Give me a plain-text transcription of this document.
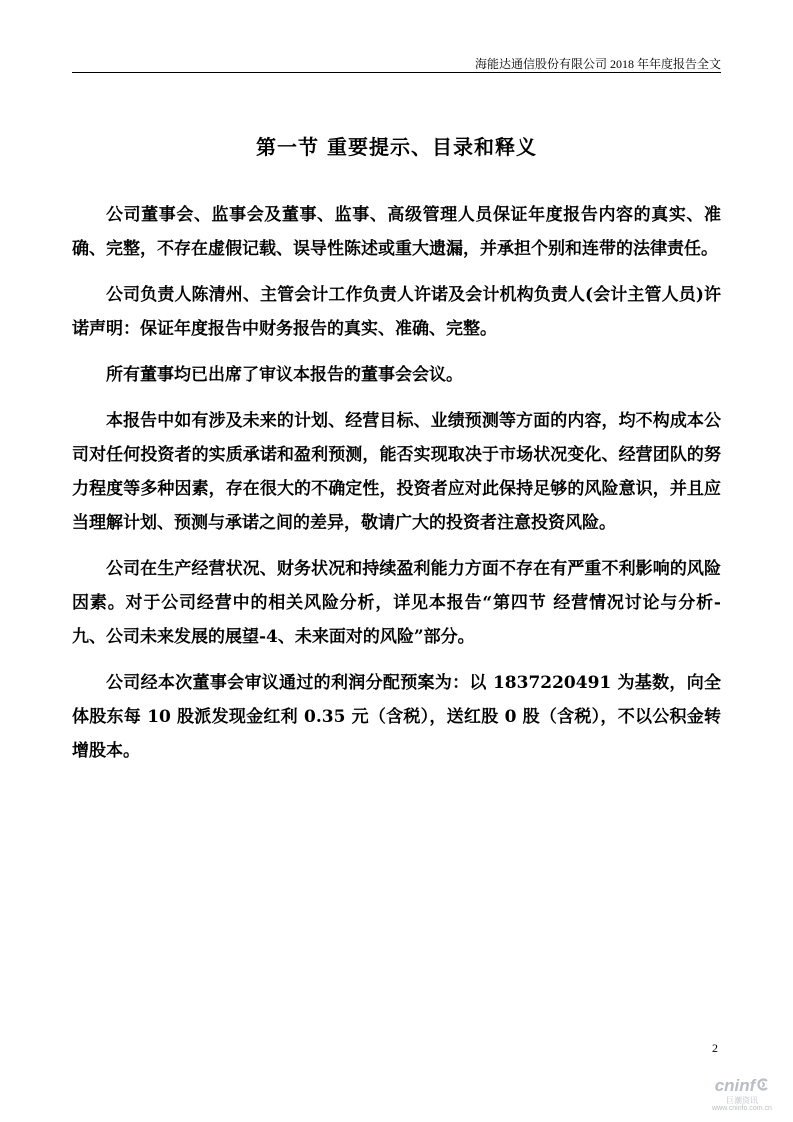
海能达通信股份有限公司 2018 年年度报告全文
第一节 重要提示、目录和释义

公司董事会、监事会及董事、监事、高级管理人员保证年度报告内容的真实、准确、完整，不存在虚假记载、误导性陈述或重大遗漏，并承担个别和连带的法律责任。

公司负责人陈清州、主管会计工作负责人许诺及会计机构负责人(会计主管人员)许诺声明：保证年度报告中财务报告的真实、准确、完整。

所有董事均已出席了审议本报告的董事会会议。

本报告中如有涉及未来的计划、经营目标、业绩预测等方面的内容，均不构成本公司对任何投资者的实质承诺和盈利预测，能否实现取决于市场状况变化、经营团队的努力程度等多种因素，存在很大的不确定性，投资者应对此保持足够的风险意识，并且应当理解计划、预测与承诺之间的差异，敬请广大的投资者注意投资风险。

公司在生产经营状况、财务状况和持续盈利能力方面不存在有严重不利影响的风险因素。对于公司经营中的相关风险分析，详见本报告“第四节 经营情况讨论与分析-九、公司未来发展的展望-4、未来面对的风险”部分。

公司经本次董事会审议通过的利润分配预案为：以 1837220491 为基数，向全体股东每 10 股派发现金红利 0.35 元（含税），送红股 0 股（含税），不以公积金转增股本。

2
cninf
巨潮资讯
www.cninfo.com.cn
